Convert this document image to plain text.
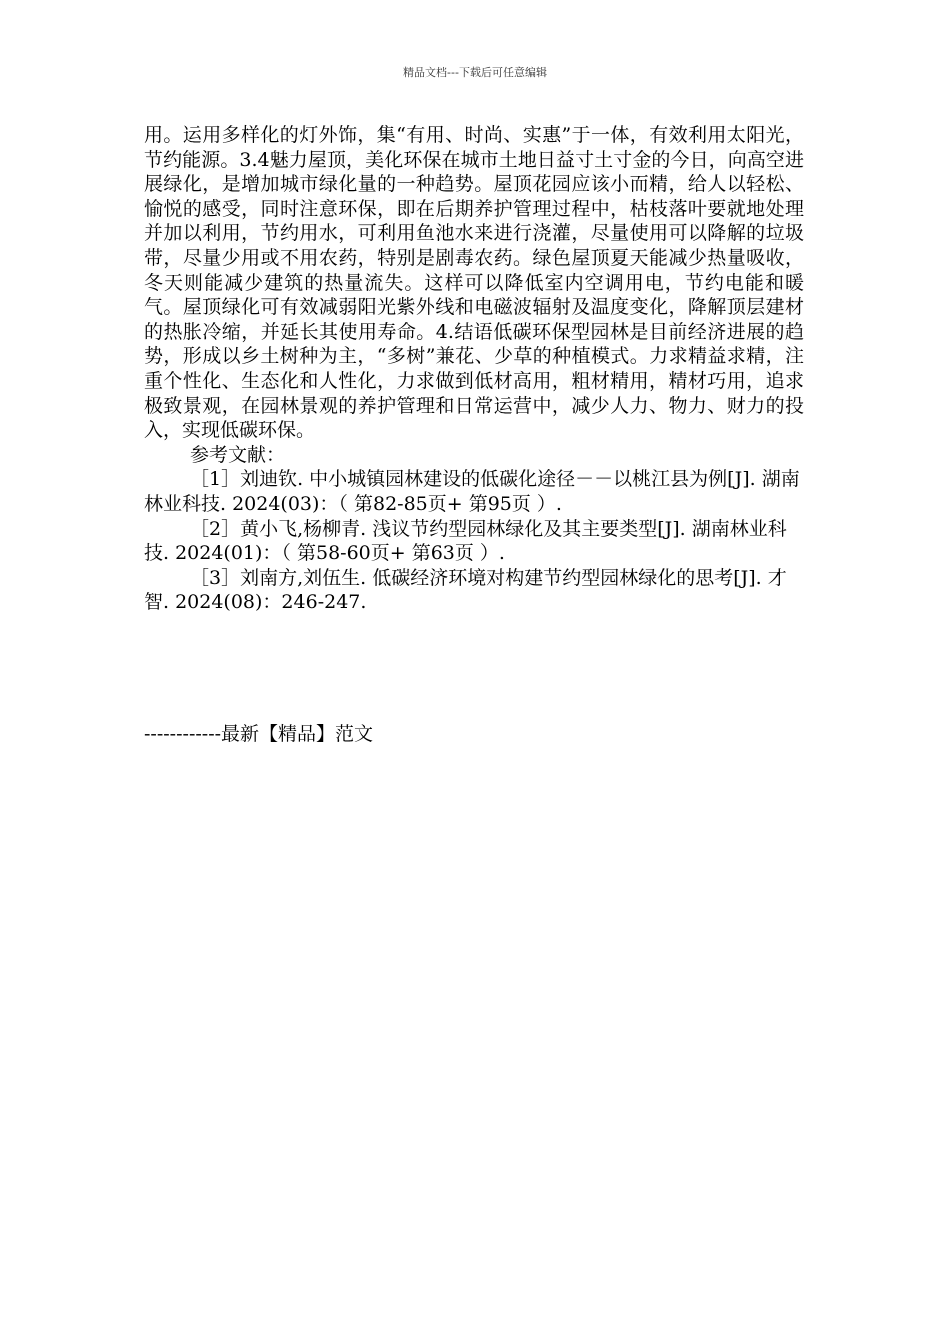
精品文档---下载后可任意编辑

用。运用多样化的灯外饰，集“有用、时尚、实惠”于一体，有效利用太阳光，节约能源。3.4魅力屋顶，美化环保在城市土地日益寸土寸金的今日，向高空进展绿化，是增加城市绿化量的一种趋势。屋顶花园应该小而精，给人以轻松、愉悦的感受，同时注意环保，即在后期养护管理过程中，枯枝落叶要就地处理并加以利用，节约用水，可利用鱼池水来进行浇灌，尽量使用可以降解的垃圾带，尽量少用或不用农药，特别是剧毒农药。绿色屋顶夏天能减少热量吸收，冬天则能减少建筑的热量流失。这样可以降低室内空调用电，节约电能和暖气。屋顶绿化可有效减弱阳光紫外线和电磁波辐射及温度变化，降解顶层建材的热胀冷缩，并延长其使用寿命。4.结语低碳环保型园林是目前经济进展的趋势，形成以乡土树种为主，“多树”兼花、少草的种植模式。力求精益求精，注重个性化、生态化和人性化，力求做到低材高用，粗材精用，精材巧用，追求极致景观，在园林景观的养护管理和日常运营中，减少人力、物力、财力的投入，实现低碳环保。

参考文献：

［1］刘迪钦. 中小城镇园林建设的低碳化途径－－以桃江县为例[J]. 湖南林业科技. 2024(03)：（ 第82-85页+ 第95页 ）.

［2］黄小飞,杨柳青. 浅议节约型园林绿化及其主要类型[J]. 湖南林业科技. 2024(01)：（ 第58-60页+ 第63页 ）.

［3］刘南方,刘伍生. 低碳经济环境对构建节约型园林绿化的思考[J]. 才智. 2024(08)：246-247.

------------最新【精品】范文
